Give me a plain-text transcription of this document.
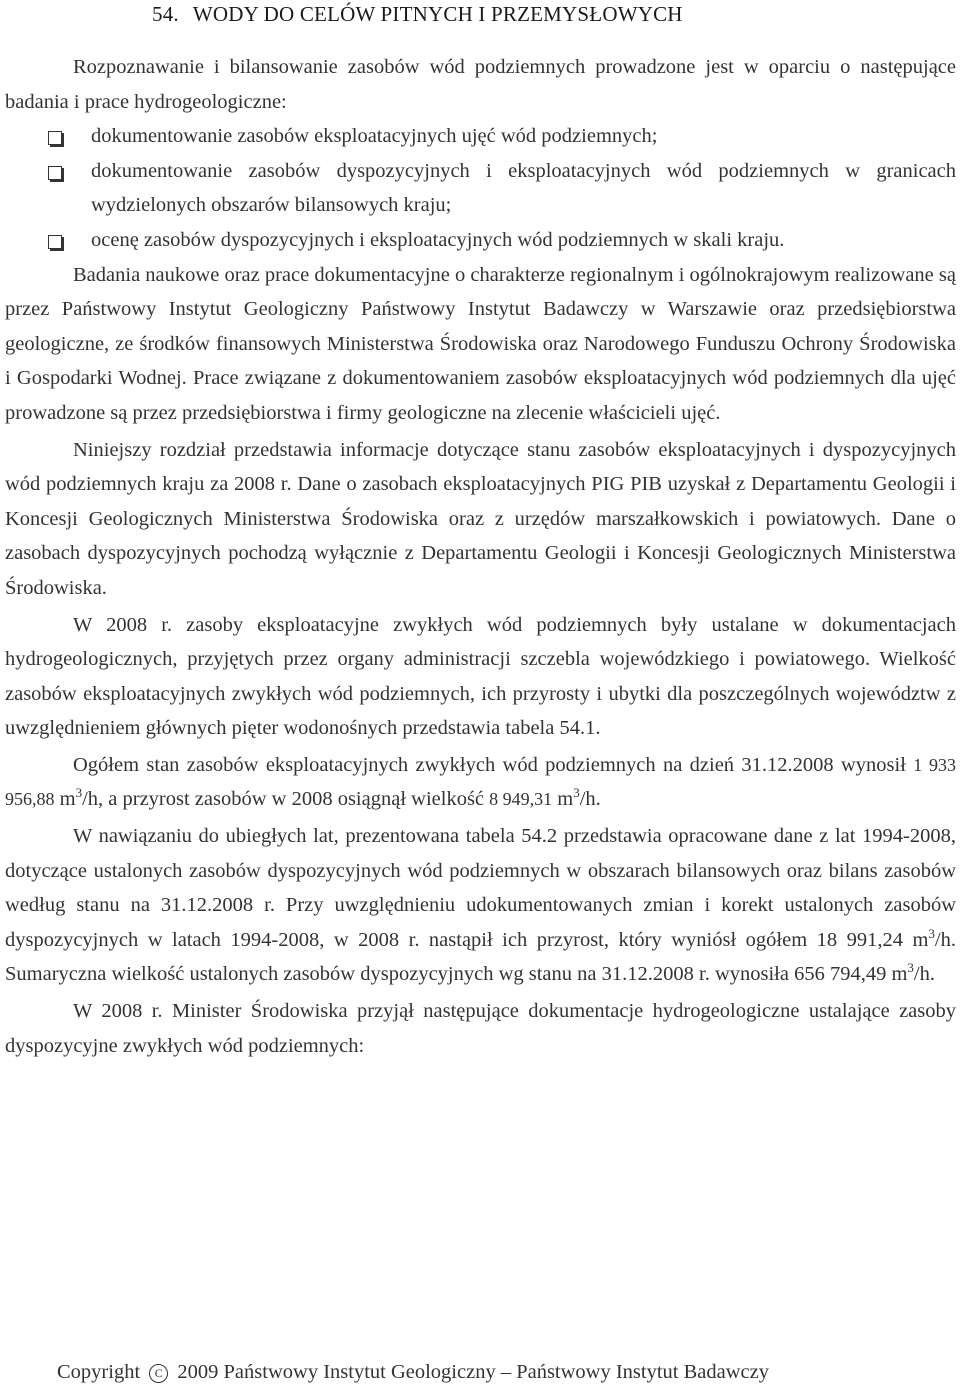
54. WODY DO CELÓW PITNYCH I PRZEMYSŁOWYCH

Rozpoznawanie i bilansowanie zasobów wód podziemnych prowadzone jest w oparciu o następujące badania i prace hydrogeologiczne:

dokumentowanie zasobów eksploatacyjnych ujęć wód podziemnych;
dokumentowanie zasobów dyspozycyjnych i eksploatacyjnych wód podziemnych w granicach wydzielonych obszarów bilansowych kraju;
ocenę zasobów dyspozycyjnych i eksploatacyjnych wód podziemnych w skali kraju.

Badania naukowe oraz prace dokumentacyjne o charakterze regionalnym i ogólnokrajowym realizowane są przez Państwowy Instytut Geologiczny Państwowy Instytut Badawczy w Warszawie oraz przedsiębiorstwa geologiczne, ze środków finansowych Ministerstwa Środowiska oraz Narodowego Funduszu Ochrony Środowiska i Gospodarki Wodnej. Prace związane z dokumentowaniem zasobów eksploatacyjnych wód podziemnych dla ujęć prowadzone są przez przedsiębiorstwa i firmy geologiczne na zlecenie właścicieli ujęć.

Niniejszy rozdział przedstawia informacje dotyczące stanu zasobów eksploatacyjnych i dyspozycyjnych wód podziemnych kraju za 2008 r. Dane o zasobach eksploatacyjnych PIG PIB uzyskał z Departamentu Geologii i Koncesji Geologicznych Ministerstwa Środowiska oraz z urzędów marszałkowskich i powiatowych. Dane o zasobach dyspozycyjnych pochodzą wyłącznie z Departamentu Geologii i Koncesji Geologicznych Ministerstwa Środowiska.

W 2008 r. zasoby eksploatacyjne zwykłych wód podziemnych były ustalane w dokumentacjach hydrogeologicznych, przyjętych przez organy administracji szczebla wojewódzkiego i powiatowego. Wielkość zasobów eksploatacyjnych zwykłych wód podziemnych, ich przyrosty i ubytki dla poszczególnych województw z uwzględnieniem głównych pięter wodonośnych przedstawia tabela 54.1.

Ogółem stan zasobów eksploatacyjnych zwykłych wód podziemnych na dzień 31.12.2008 wynosił 1 933 956,88 $m^3/h$, a przyrost zasobów w 2008 osiągnął wielkość 8 949,31 $m^3/h$.

W nawiązaniu do ubiegłych lat, prezentowana tabela 54.2 przedstawia opracowane dane z lat 1994-2008, dotyczące ustalonych zasobów dyspozycyjnych wód podziemnych w obszarach bilansowych oraz bilans zasobów według stanu na 31.12.2008 r. Przy uwzględnieniu udokumentowanych zmian i korekt ustalonych zasobów dyspozycyjnych w latach 1994-2008, w 2008 r. nastąpił ich przyrost, który wyniósł ogółem 18 991,24 $m^3/h$. Sumaryczna wielkość ustalonych zasobów dyspozycyjnych wg stanu na 31.12.2008 r. wynosiła 656 794,49 $m^3/h$.

W 2008 r. Minister Środowiska przyjął następujące dokumentacje hydrogeologiczne ustalające zasoby dyspozycyjne zwykłych wód podziemnych:

Copyright C 2009 Państwowy Instytut Geologiczny – Państwowy Instytut Badawczy
